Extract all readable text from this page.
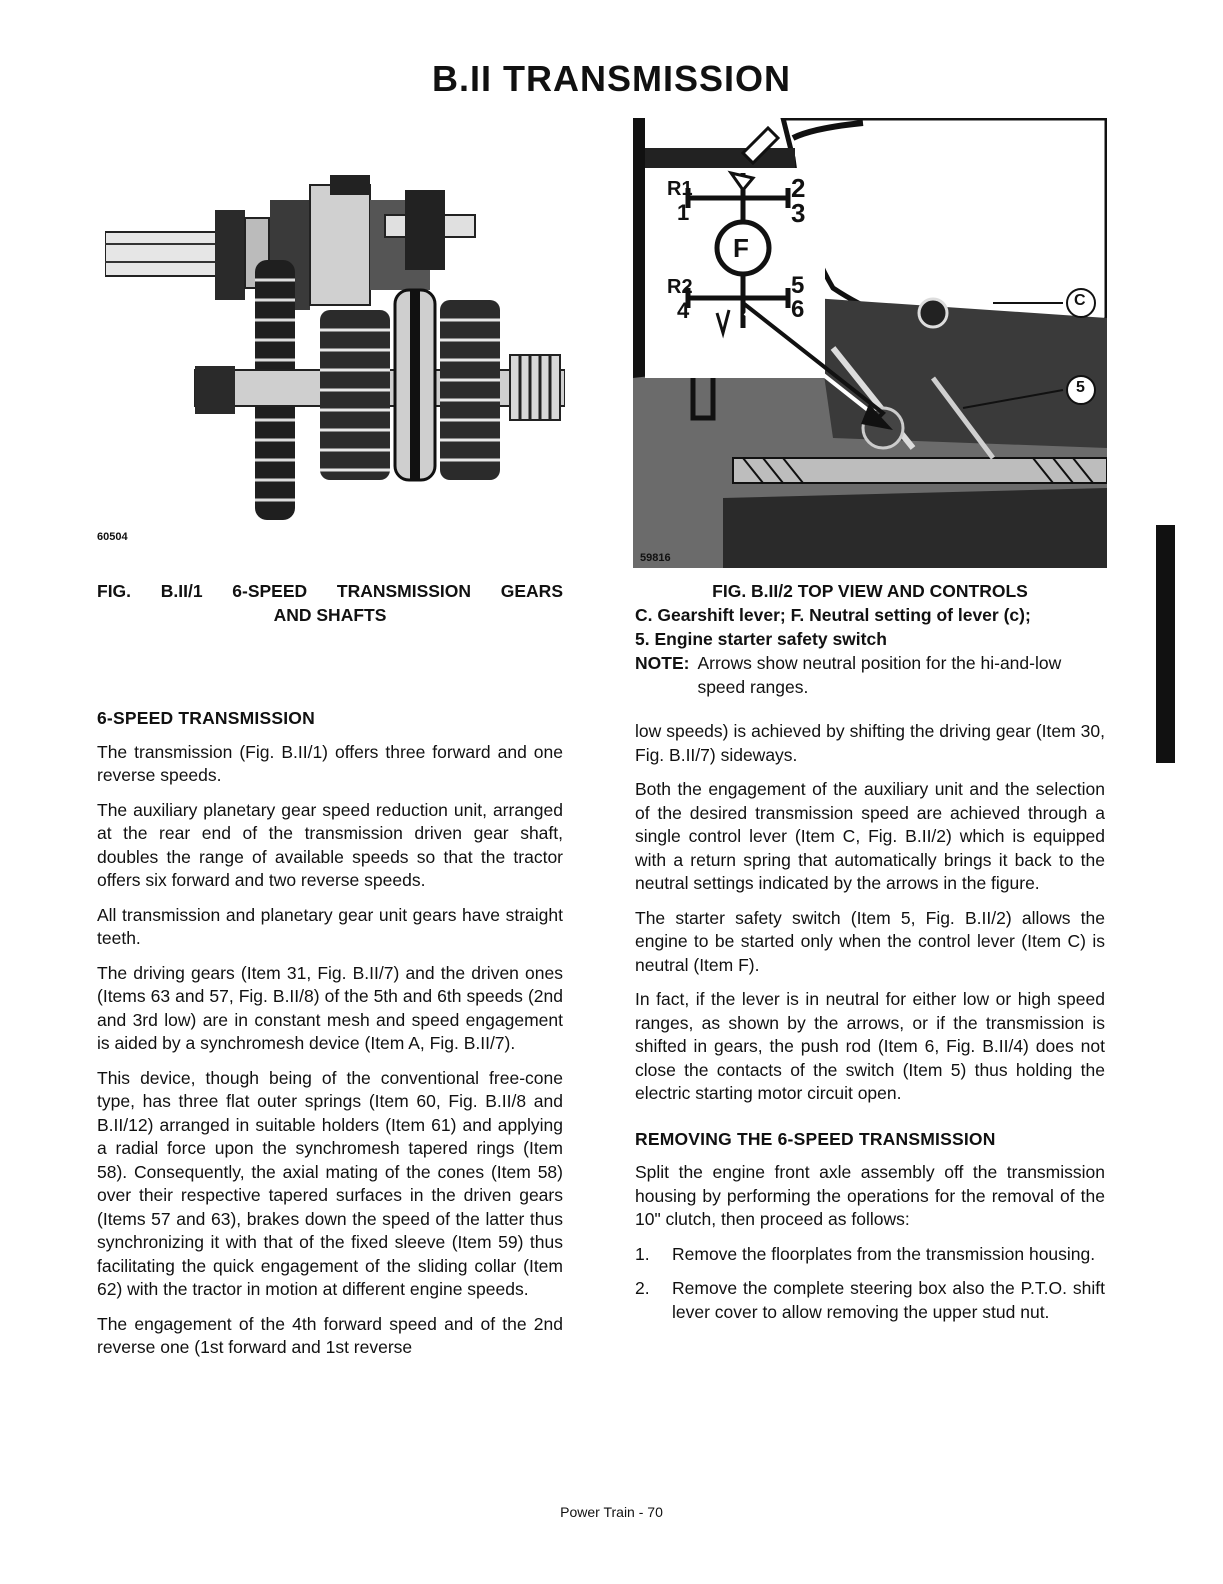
B.II TRANSMISSION
60504
FIG. B.II/1 6-SPEED TRANSMISSION GEARS
AND SHAFTS
R1
1
2
3
F
R2
4
5
6	C
5
59816
FIG. B.II/2 TOP VIEW AND CONTROLS
C. Gearshift lever; F. Neutral setting of lever (c);
5. Engine starter safety switch
NOTE: Arrows show neutral position for the hi-and-low speed ranges.
6-SPEED TRANSMISSION

The transmission (Fig. B.II/1) offers three forward and one reverse speeds.

The auxiliary planetary gear speed reduction unit, arranged at the rear end of the transmission driven gear shaft, doubles the range of available speeds so that the tractor offers six forward and two reverse speeds.

All transmission and planetary gear unit gears have straight teeth.

The driving gears (Item 31, Fig. B.II/7) and the driven ones (Items 63 and 57, Fig. B.II/8) of the 5th and 6th speeds (2nd and 3rd low) are in constant mesh and speed engagement is aided by a synchromesh device (Item A, Fig. B.II/7).

This device, though being of the conventional free-cone type, has three flat outer springs (Item 60, Fig. B.II/8 and B.II/12) arranged in suitable holders (Item 61) and applying a radial force upon the synchromesh tapered rings (Item 58). Consequently, the axial mating of the cones (Item 58) over their respective tapered surfaces in the driven gears (Items 57 and 63), brakes down the speed of the latter thus synchronizing it with that of the fixed sleeve (Item 59) thus facilitating the quick engagement of the sliding collar (Item 62) with the tractor in motion at different engine speeds.

The engagement of the 4th forward speed and of the 2nd reverse one (1st forward and 1st reverse

low speeds) is achieved by shifting the driving gear (Item 30, Fig. B.II/7) sideways.

Both the engagement of the auxiliary unit and the selection of the desired transmission speed are achieved through a single control lever (Item C, Fig. B.II/2) which is equipped with a return spring that automatically brings it back to the neutral settings indicated by the arrows in the figure.

The starter safety switch (Item 5, Fig. B.II/2) allows the engine to be started only when the control lever (Item C) is neutral (Item F).

In fact, if the lever is in neutral for either low or high speed ranges, as shown by the arrows, or if the transmission is shifted in gears, the push rod (Item 6, Fig. B.II/4) does not close the contacts of the switch (Item 5) thus holding the electric starting motor circuit open.

REMOVING THE 6-SPEED TRANSMISSION

Split the engine front axle assembly off the transmission housing by performing the operations for the removal of the 10" clutch, then proceed as follows:

1. Remove the floorplates from the transmission housing.
2. Remove the complete steering box also the P.T.O. shift lever cover to allow removing the upper stud nut.
Power Train - 70
